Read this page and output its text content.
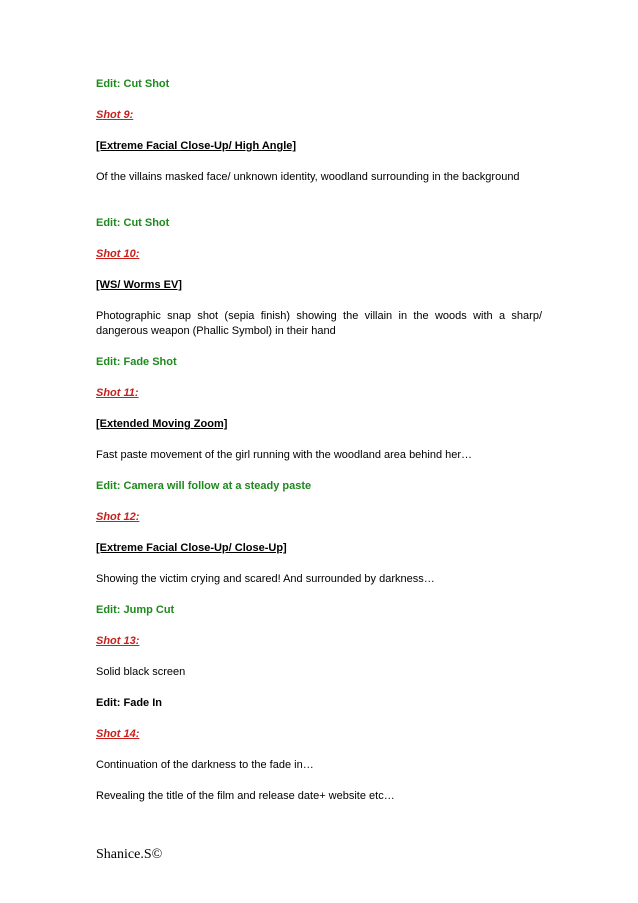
Edit: Cut Shot

Shot 9:

[Extreme Facial Close-Up/ High Angle]

Of the villains masked face/ unknown identity, woodland surrounding in the background

Edit: Cut Shot

Shot 10:

[WS/ Worms EV]

Photographic snap shot (sepia finish) showing the villain in the woods with a sharp/ dangerous weapon (Phallic Symbol) in their hand

Edit: Fade Shot

Shot 11:

[Extended Moving Zoom]

Fast paste movement of the girl running with the woodland area behind her…

Edit: Camera will follow at a steady paste

Shot 12:

[Extreme Facial Close-Up/ Close-Up]

Showing the victim crying and scared! And surrounded by darkness…

Edit: Jump Cut

Shot 13:

Solid black screen

Edit: Fade In

Shot 14:

Continuation of the darkness to the fade in…

Revealing the title of the film and release date+ website etc…

Shanice.S©
